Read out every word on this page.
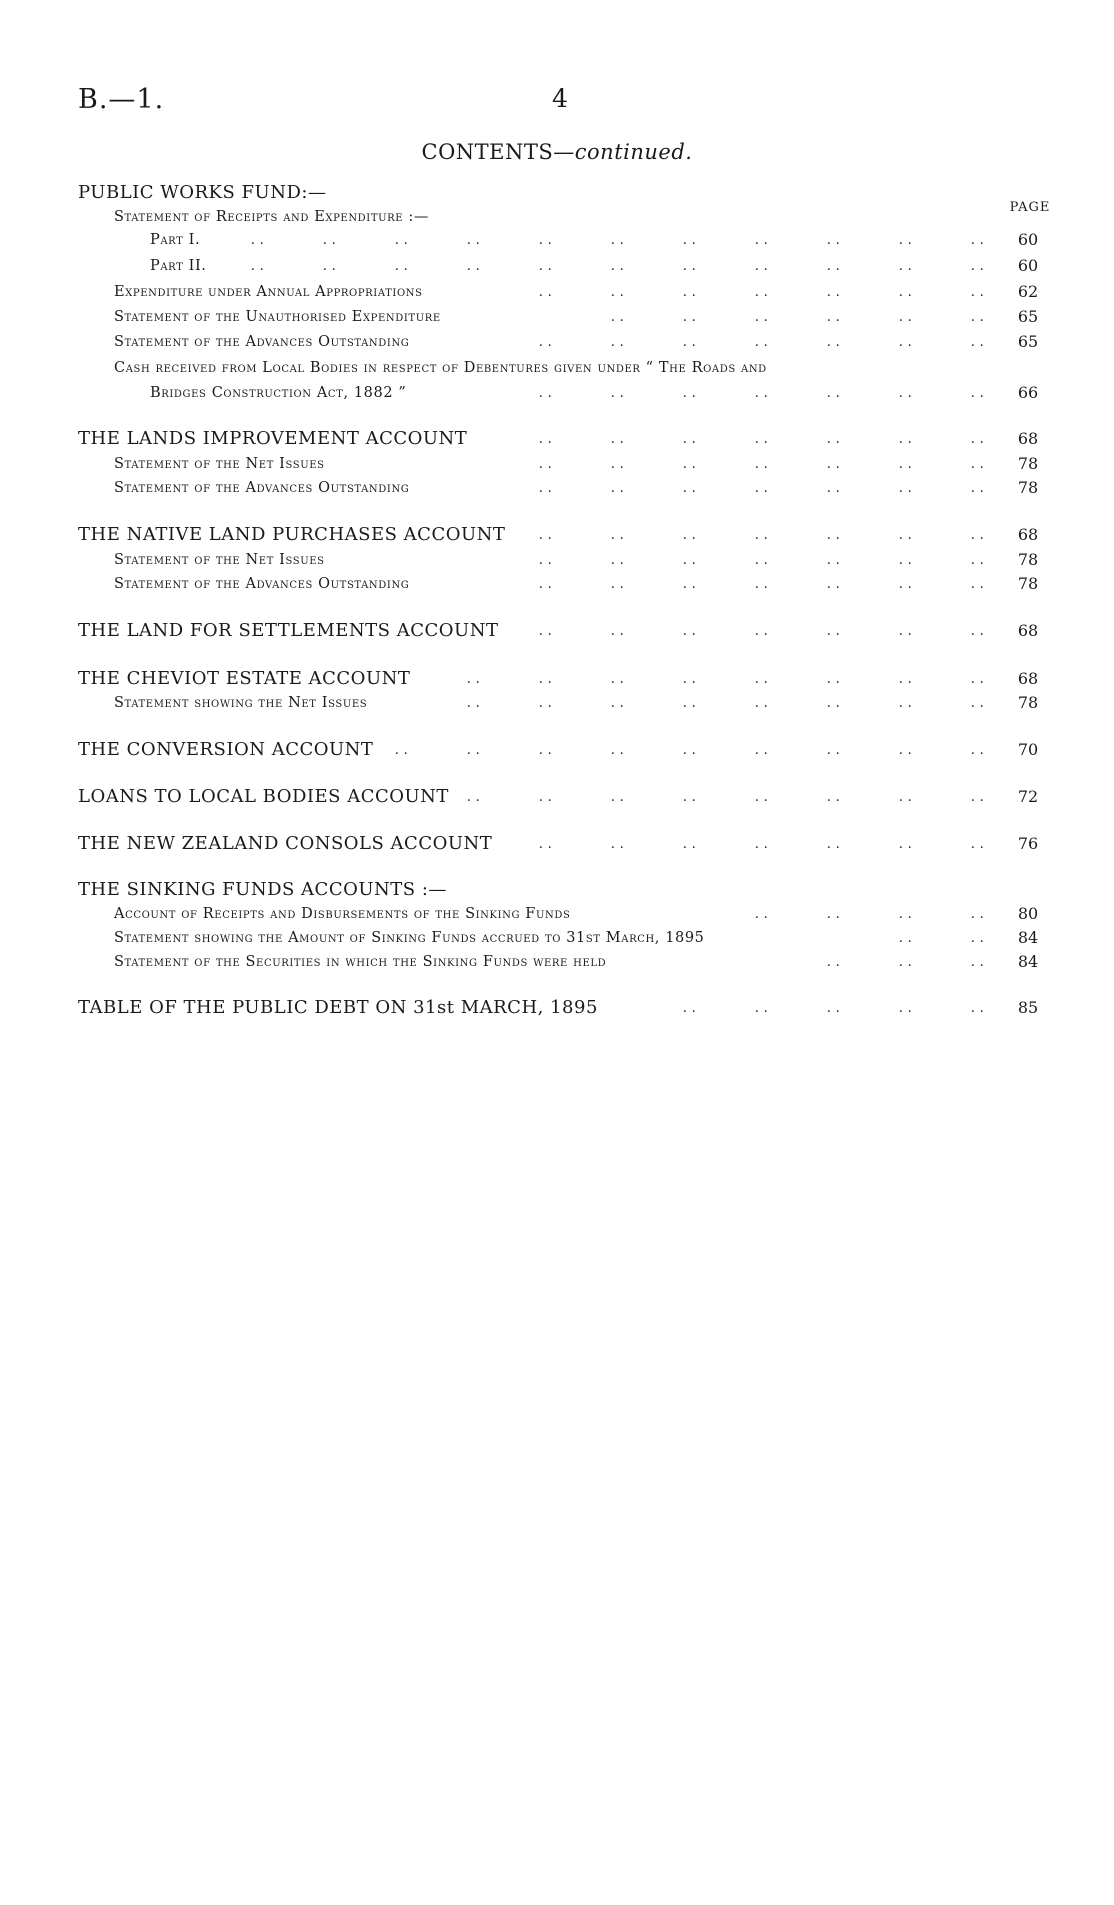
B.—1.	4
CONTENTS—continued.
PAGE
PUBLIC WORKS FUND:—
Statement of Receipts and Expenditure :—
Part I.	. .	. .	. .	. .	. .	. .	. .	. .	. .	. .	. .	60
Part II.	. .	. .	. .	. .	. .	. .	. .	. .	. .	. .	. .	60
Expenditure under Annual Appropriations	. .	. .	. .	. .	. .	. .	. .	62
Statement of the Unauthorised Expenditure	. .	. .	. .	. .	. .	. .	65
Statement of the Advances Outstanding	. .	. .	. .	. .	. .	. .	. .	65
Cash received from Local Bodies in respect of Debentures given under “ The Roads and
Bridges Construction Act, 1882 ”	. .	. .	. .	. .	. .	. .	. .	66
THE LANDS IMPROVEMENT ACCOUNT	. .	. .	. .	. .	. .	. .	. .	68
Statement of the Net Issues	. .	. .	. .	. .	. .	. .	. .	78
Statement of the Advances Outstanding	. .	. .	. .	. .	. .	. .	. .	78
THE NATIVE LAND PURCHASES ACCOUNT	. .	. .	. .	. .	. .	. .	. .	68
Statement of the Net Issues	. .	. .	. .	. .	. .	. .	. .	78
Statement of the Advances Outstanding	. .	. .	. .	. .	. .	. .	. .	78
THE LAND FOR SETTLEMENTS ACCOUNT	. .	. .	. .	. .	. .	. .	. .	68
THE CHEVIOT ESTATE ACCOUNT	. .	. .	. .	. .	. .	. .	. .	. .	68
Statement showing the Net Issues	. .	. .	. .	. .	. .	. .	. .	. .	78
THE CONVERSION ACCOUNT	. .	. .	. .	. .	. .	. .	. .	. .	. .	70
LOANS TO LOCAL BODIES ACCOUNT	. .	. .	. .	. .	. .	. .	. .	. .	72
THE NEW ZEALAND CONSOLS ACCOUNT	. .	. .	. .	. .	. .	. .	. .	76
THE SINKING FUNDS ACCOUNTS :—
Account of Receipts and Disbursements of the Sinking Funds	. .	. .	. .	. .	80
Statement showing the Amount of Sinking Funds accrued to 31st March, 1895	. .	. .	84
Statement of the Securities in which the Sinking Funds were held	. .	. .	. .	84
TABLE OF THE PUBLIC DEBT ON 31st MARCH, 1895	. .	. .	. .	. .	. .	85
